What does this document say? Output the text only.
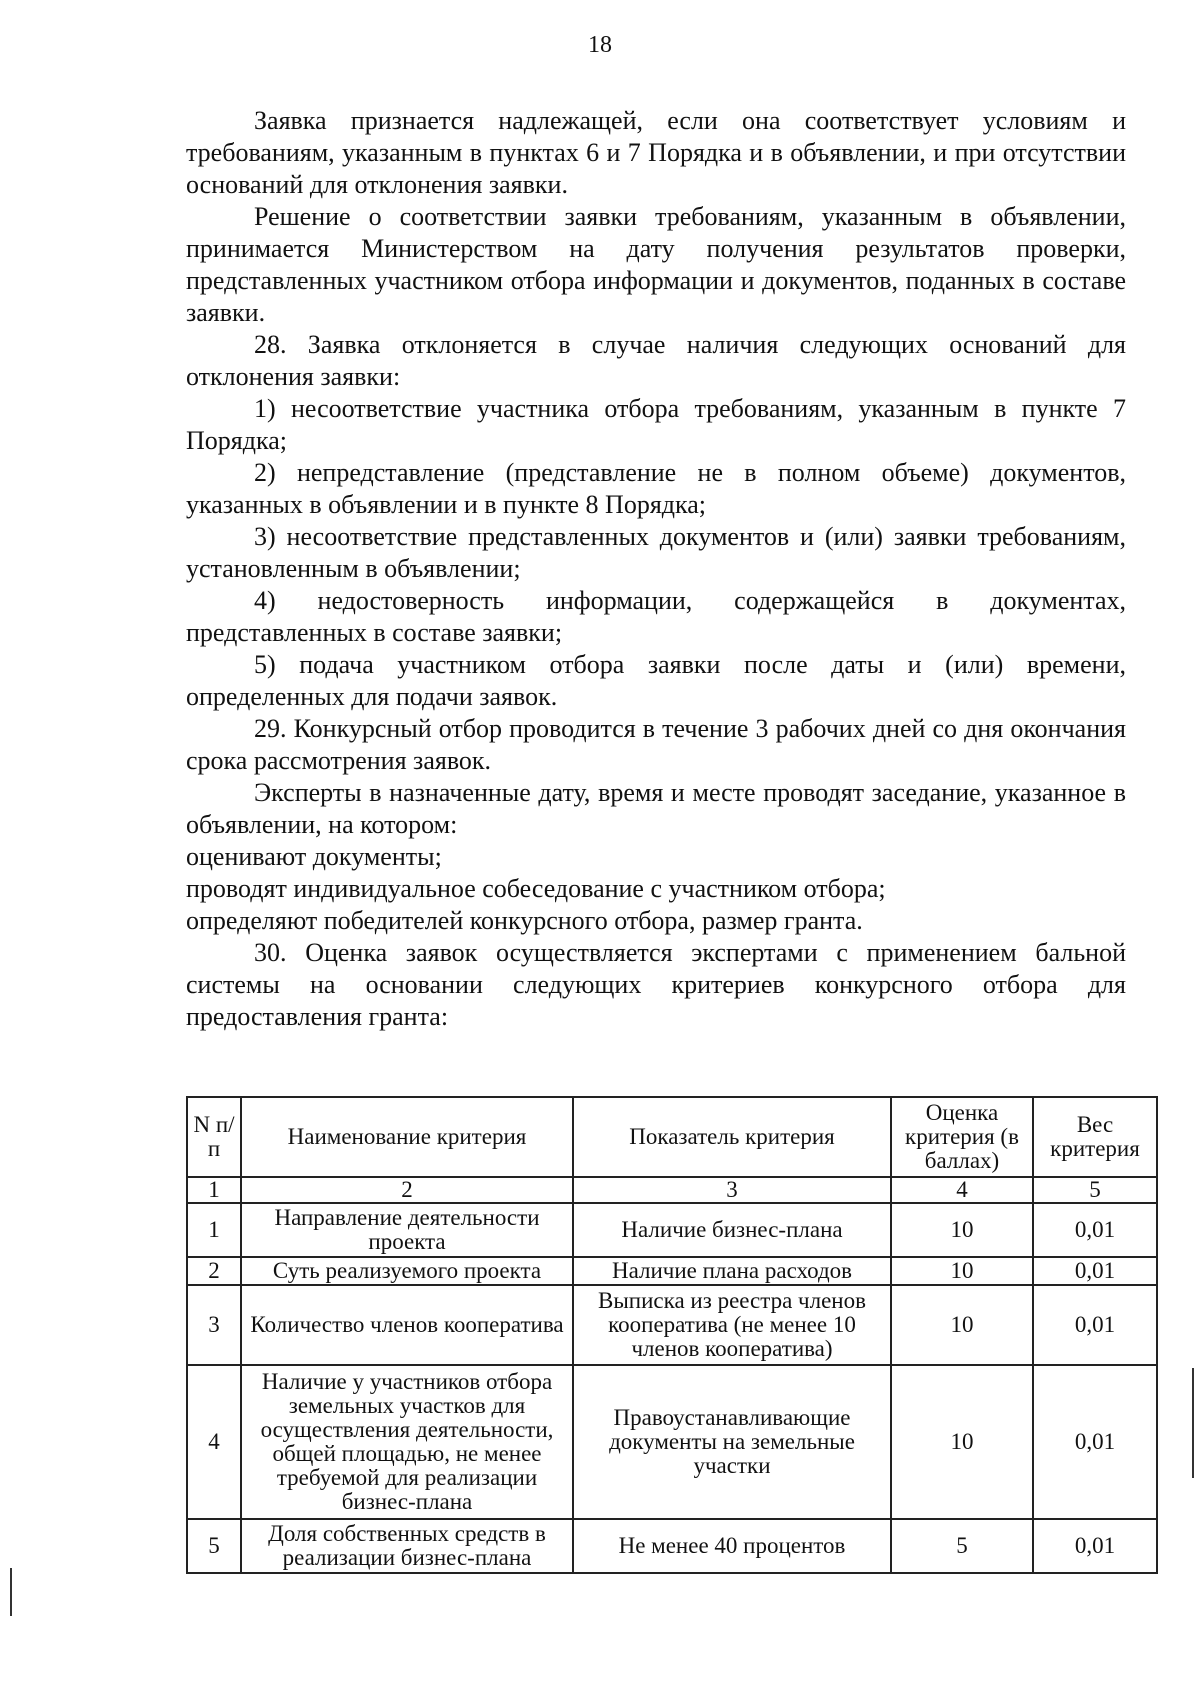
18

Заявка признается надлежащей, если она соответствует условиям и требованиям, указанным в пунктах 6 и 7 Порядка и в объявлении, и при отсутствии оснований для отклонения заявки.

Решение о соответствии заявки требованиям, указанным в объявлении, принимается Министерством на дату получения результатов проверки, представленных участником отбора информации и документов, поданных в составе заявки.

28. Заявка отклоняется в случае наличия следующих оснований для отклонения заявки:

1) несоответствие участника отбора требованиям, указанным в пункте 7 Порядка;

2) непредставление (представление не в полном объеме) документов, указанных в объявлении и в пункте 8 Порядка;

3) несоответствие представленных документов и (или) заявки требованиям, установленным в объявлении;

4) недостоверность информации, содержащейся в документах, представленных в составе заявки;

5) подача участником отбора заявки после даты и (или) времени, определенных для подачи заявок.

29. Конкурсный отбор проводится в течение 3 рабочих дней со дня окончания срока рассмотрения заявок.

Эксперты в назначенные дату, время и месте проводят заседание, указанное в объявлении, на котором:

оценивают документы;

проводят индивидуальное собеседование с участником отбора;

определяют победителей конкурсного отбора, размер гранта.

30. Оценка заявок осуществляется экспертами с применением бальной системы на основании следующих критериев конкурсного отбора для предоставления гранта:

N п/п	Наименование критерия	Показатель критерия	Оценка критерия (в баллах)	Вес критерия
1	2	3	4	5
1	Направление деятельности проекта	Наличие бизнес-плана	10	0,01
2	Суть реализуемого проекта	Наличие плана расходов	10	0,01
3	Количество членов кооператива	Выписка из реестра членов кооператива (не менее 10 членов кооператива)	10	0,01
4	Наличие у участников отбора земельных участков для осуществления деятельности, общей площадью, не менее требуемой для реализации бизнес-плана	Правоустанавливающие документы на земельные участки	10	0,01
5	Доля собственных средств в реализации бизнес-плана	Не менее 40 процентов	5	0,01
